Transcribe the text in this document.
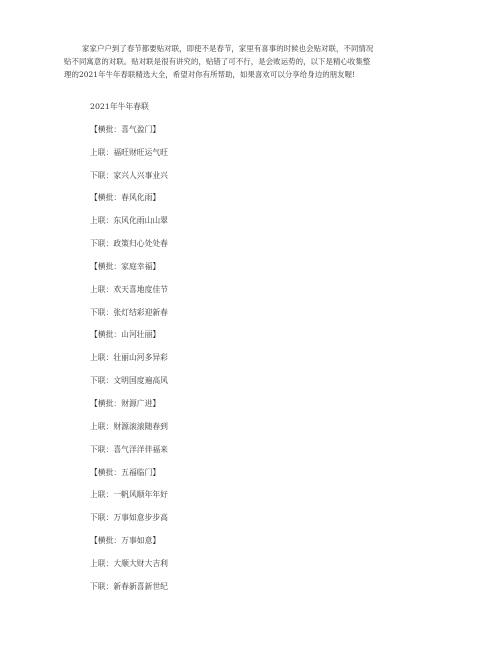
家家户户到了春节都要贴对联，即使不是春节，家里有喜事的时候也会贴对联，不同情况
贴不同寓意的对联。贴对联是很有讲究的，贴错了可不行，是会败运势的，以下是精心收集整
理的2021年牛年春联精选大全，希望对你有所帮助，如果喜欢可以分享给身边的朋友喔!

2021年牛年春联
【横批：喜气盈门】
上联：福旺财旺运气旺
下联：家兴人兴事业兴
【横批：春风化雨】
上联：东风化雨山山翠
下联：政策归心处处春
【横批：家庭幸福】
上联：欢天喜地度佳节
下联：张灯结彩迎新春
【横批：山河壮丽】
上联：壮丽山河多异彩
下联：文明国度遍高风
【横批：财源广进】
上联：财源滚滚随春到
下联：喜气洋洋伴福来
【横批：五福临门】
上联：一帆风顺年年好
下联：万事如意步步高
【横批：万事如意】
上联：大顺大财大吉利
下联：新春新喜新世纪
